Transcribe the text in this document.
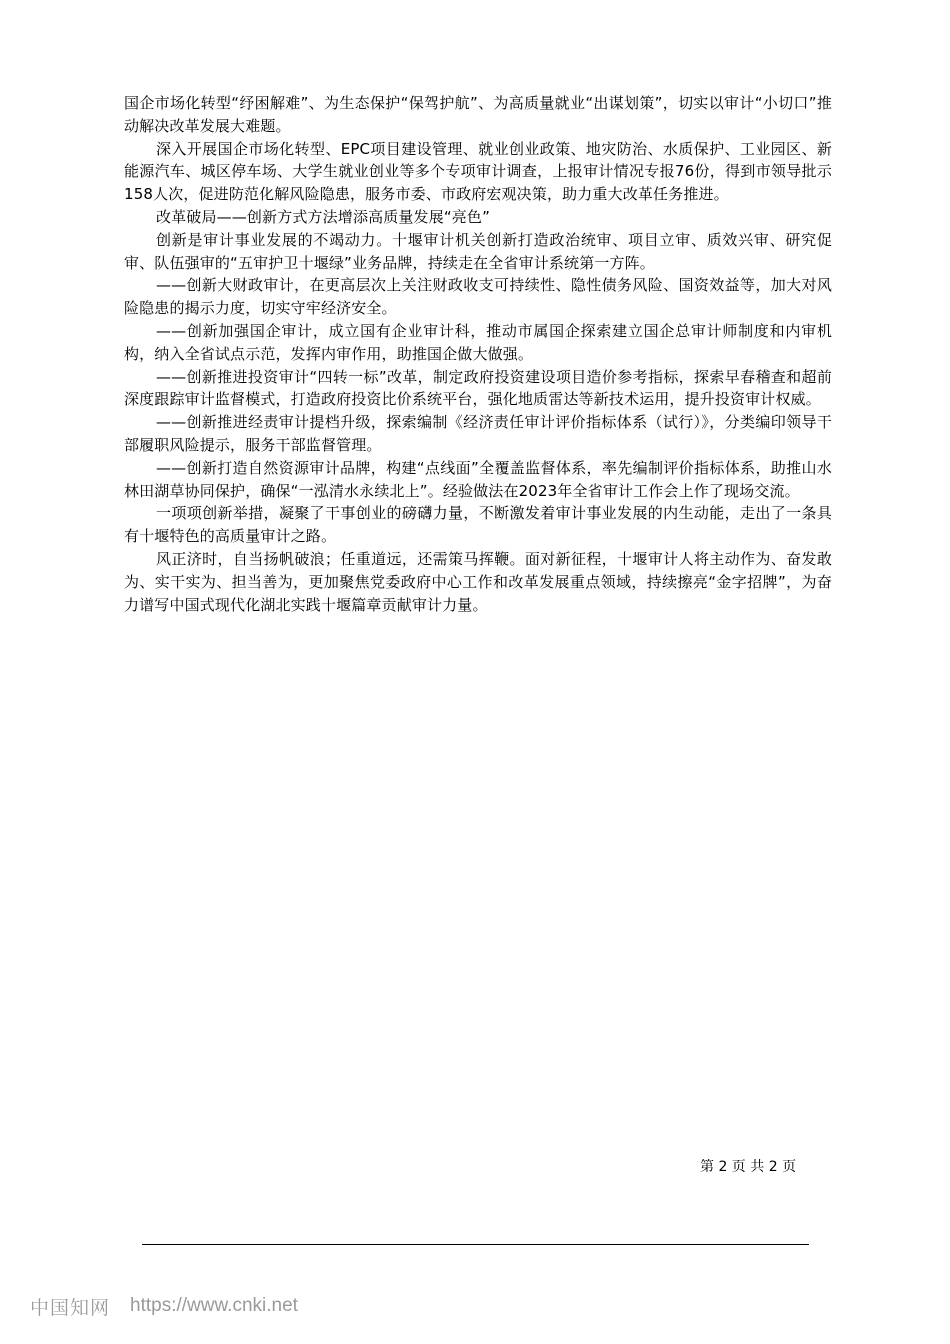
国企市场化转型“纾困解难”、为生态保护“保驾护航”、为高质量就业“出谋划策”，切实以审计“小切口”推动解决改革发展大难题。

深入开展国企市场化转型、EPC项目建设管理、就业创业政策、地灾防治、水质保护、工业园区、新能源汽车、城区停车场、大学生就业创业等多个专项审计调查，上报审计情况专报76份，得到市领导批示158人次，促进防范化解风险隐患，服务市委、市政府宏观决策，助力重大改革任务推进。

改革破局——创新方式方法增添高质量发展“亮色”

创新是审计事业发展的不竭动力。十堰审计机关创新打造政治统审、项目立审、质效兴审、研究促审、队伍强审的“五审护卫十堰绿”业务品牌，持续走在全省审计系统第一方阵。

——创新大财政审计，在更高层次上关注财政收支可持续性、隐性债务风险、国资效益等，加大对风险隐患的揭示力度，切实守牢经济安全。

——创新加强国企审计，成立国有企业审计科，推动市属国企探索建立国企总审计师制度和内审机构，纳入全省试点示范，发挥内审作用，助推国企做大做强。

——创新推进投资审计“四转一标”改革，制定政府投资建设项目造价参考指标，探索早春稽查和超前深度跟踪审计监督模式，打造政府投资比价系统平台，强化地质雷达等新技术运用，提升投资审计权威。

——创新推进经责审计提档升级，探索编制《经济责任审计评价指标体系（试行）》，分类编印领导干部履职风险提示，服务干部监督管理。

——创新打造自然资源审计品牌，构建“点线面”全覆盖监督体系，率先编制评价指标体系，助推山水林田湖草协同保护，确保“一泓清水永续北上”。经验做法在2023年全省审计工作会上作了现场交流。

一项项创新举措，凝聚了干事创业的磅礴力量，不断激发着审计事业发展的内生动能，走出了一条具有十堰特色的高质量审计之路。

风正济时，自当扬帆破浪；任重道远，还需策马挥鞭。面对新征程，十堰审计人将主动作为、奋发敢为、实干实为、担当善为，更加聚焦党委政府中心工作和改革发展重点领域，持续擦亮“金字招牌”，为奋力谱写中国式现代化湖北实践十堰篇章贡献审计力量。

第 2 页 共 2 页
中国知网 https://www.cnki.net
